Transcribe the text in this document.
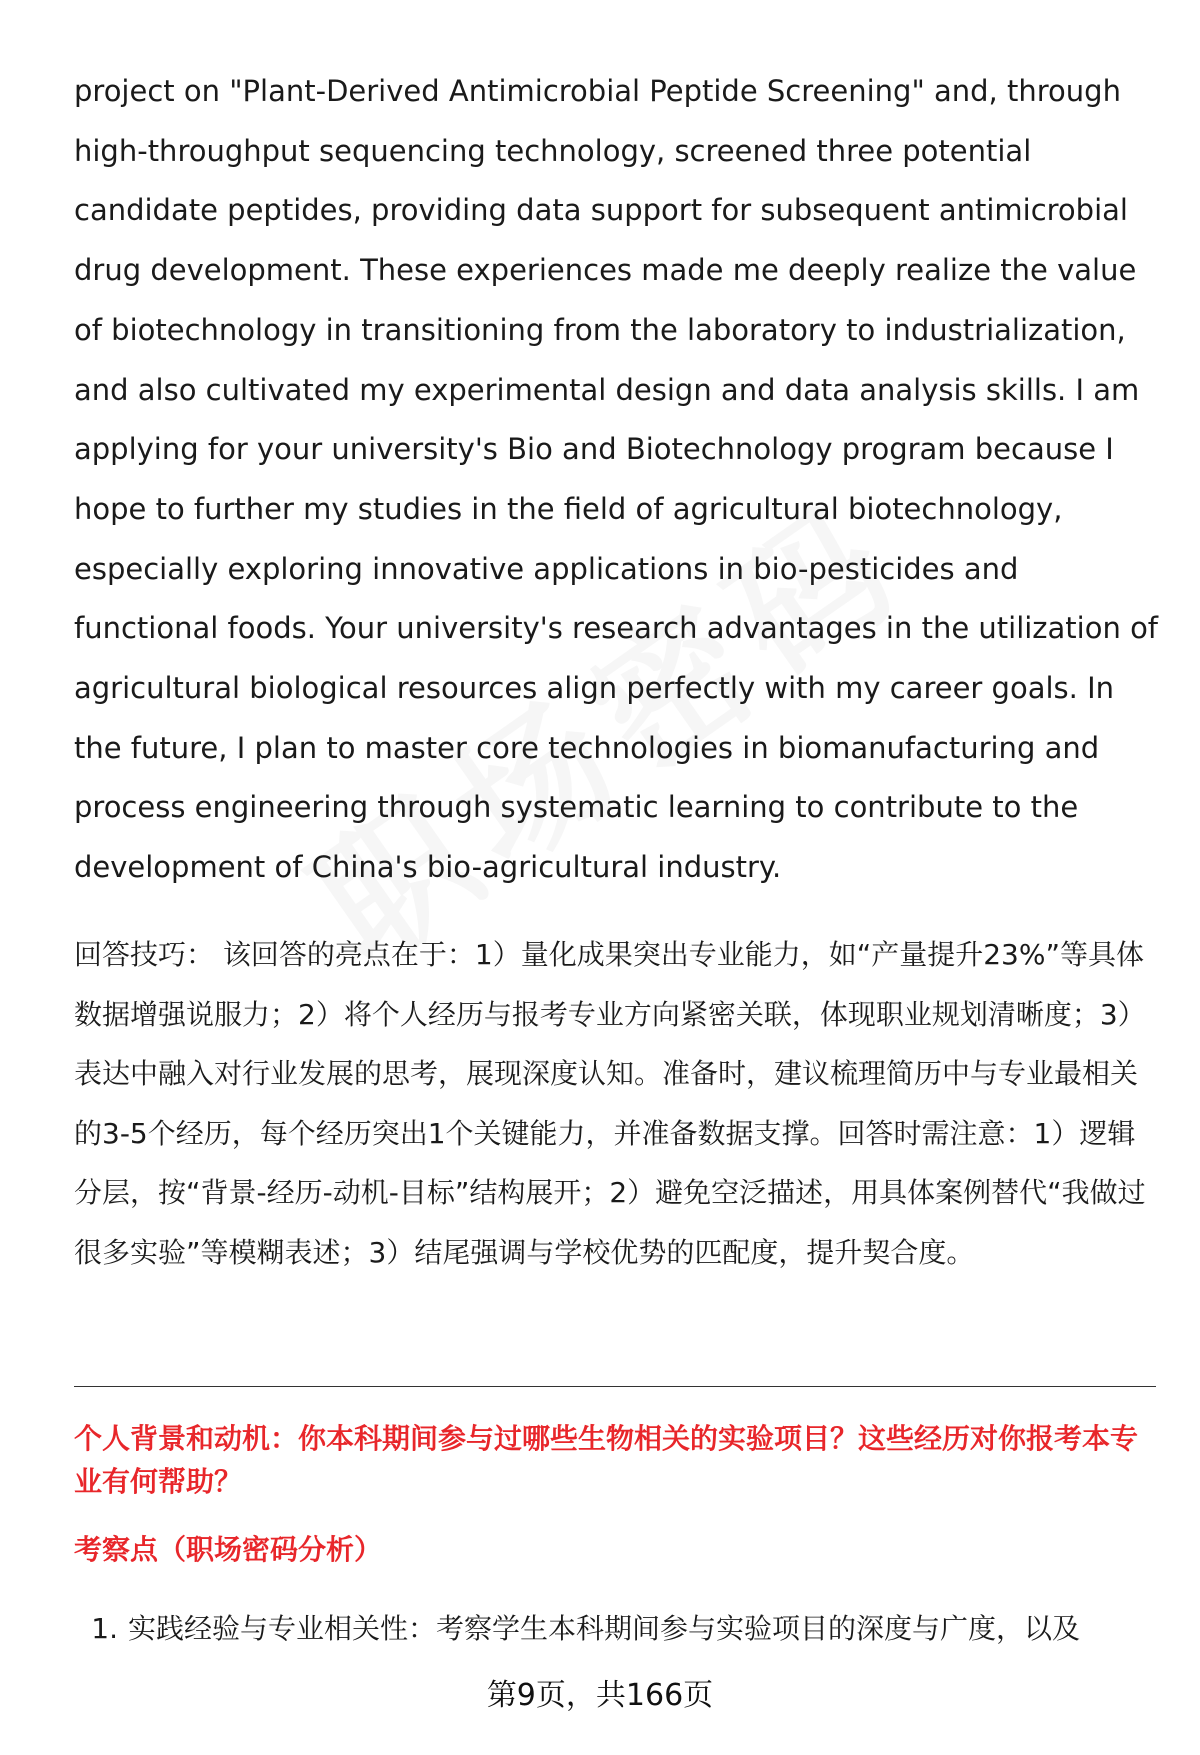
project on "Plant-Derived Antimicrobial Peptide Screening" and, through high-throughput sequencing technology, screened three potential candidate peptides, providing data support for subsequent antimicrobial drug development. These experiences made me deeply realize the value of biotechnology in transitioning from the laboratory to industrialization, and also cultivated my experimental design and data analysis skills. I am applying for your university's Bio and Biotechnology program because I hope to further my studies in the field of agricultural biotechnology, especially exploring innovative applications in bio-pesticides and functional foods. Your university's research advantages in the utilization of agricultural biological resources align perfectly with my career goals. In the future, I plan to master core technologies in biomanufacturing and process engineering through systematic learning to contribute to the development of China's bio-agricultural industry.

回答技巧： 该回答的亮点在于：1）量化成果突出专业能力，如“产量提升23%”等具体数据增强说服力；2）将个人经历与报考专业方向紧密关联，体现职业规划清晰度；3）表达中融入对行业发展的思考，展现深度认知。准备时，建议梳理简历中与专业最相关的3-5个经历，每个经历突出1个关键能力，并准备数据支撑。回答时需注意：1）逻辑分层，按“背景-经历-动机-目标”结构展开；2）避免空泛描述，用具体案例替代“我做过很多实验”等模糊表述；3）结尾强调与学校优势的匹配度，提升契合度。

个人背景和动机：你本科期间参与过哪些生物相关的实验项目？这些经历对你报考本专业有何帮助？
考察点（职场密码分析）
1. 实践经验与专业相关性：考察学生本科期间参与实验项目的深度与广度，以及

第9页，共166页
